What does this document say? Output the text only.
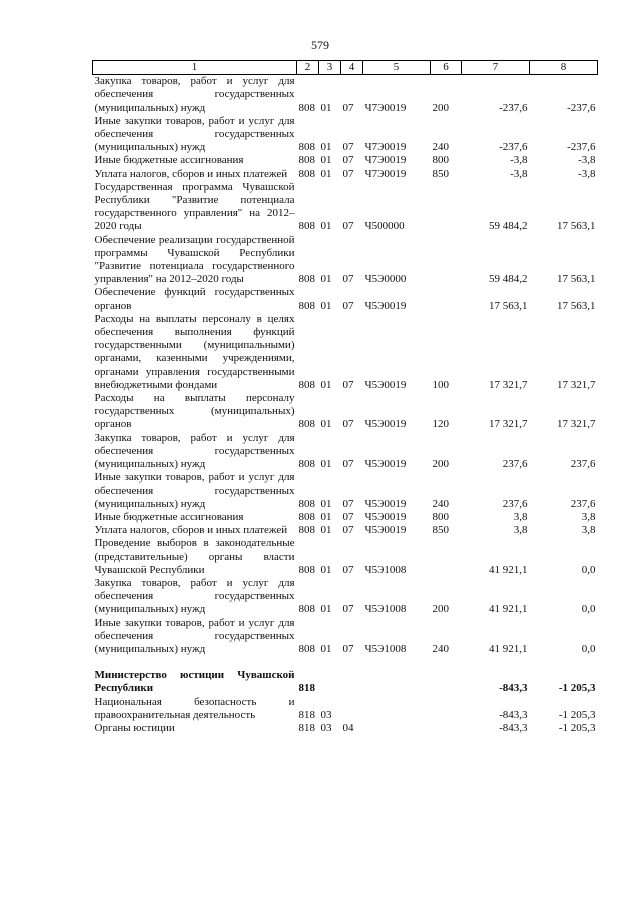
579
1	2	3	4	5	6	7	8
Закупка товаров, работ и услуг для обеспечения государственных (муниципальных) нужд	808	01	07	Ч7Э0019	200	-237,6	-237,6
Иные закупки товаров, работ и услуг для обеспечения государственных (муниципальных) нужд	808	01	07	Ч7Э0019	240	-237,6	-237,6
Иные бюджетные ассигнования	808	01	07	Ч7Э0019	800	-3,8	-3,8
Уплата налогов, сборов и иных платежей	808	01	07	Ч7Э0019	850	-3,8	-3,8
Государственная программа Чувашской Республики "Развитие потенциала государственного управления" на 2012–2020 годы	808	01	07	Ч500000		59 484,2	17 563,1
Обеспечение реализации государственной программы Чувашской Республики "Развитие потенциала государственного управления" на 2012–2020 годы	808	01	07	Ч5Э0000		59 484,2	17 563,1
Обеспечение функций государственных органов	808	01	07	Ч5Э0019		17 563,1	17 563,1
Расходы на выплаты персоналу в целях обеспечения выполнения функций государственными (муниципальными) органами, казенными учреждениями, органами управления государственными внебюджетными фондами	808	01	07	Ч5Э0019	100	17 321,7	17 321,7
Расходы на выплаты персоналу государственных (муниципальных) органов	808	01	07	Ч5Э0019	120	17 321,7	17 321,7
Закупка товаров, работ и услуг для обеспечения государственных (муниципальных) нужд	808	01	07	Ч5Э0019	200	237,6	237,6
Иные закупки товаров, работ и услуг для обеспечения государственных (муниципальных) нужд	808	01	07	Ч5Э0019	240	237,6	237,6
Иные бюджетные ассигнования	808	01	07	Ч5Э0019	800	3,8	3,8
Уплата налогов, сборов и иных платежей	808	01	07	Ч5Э0019	850	3,8	3,8
Проведение выборов в законодательные (представительные) органы власти Чувашской Республики	808	01	07	Ч5Э1008		41 921,1	0,0
Закупка товаров, работ и услуг для обеспечения государственных (муниципальных) нужд	808	01	07	Ч5Э1008	200	41 921,1	0,0
Иные закупки товаров, работ и услуг для обеспечения государственных (муниципальных) нужд	808	01	07	Ч5Э1008	240	41 921,1	0,0

Министерство юстиции Чувашской Республики	818					-843,3	-1 205,3
Национальная безопасность и правоохранительная деятельность	818	03				-843,3	-1 205,3
Органы юстиции	818	03	04			-843,3	-1 205,3
